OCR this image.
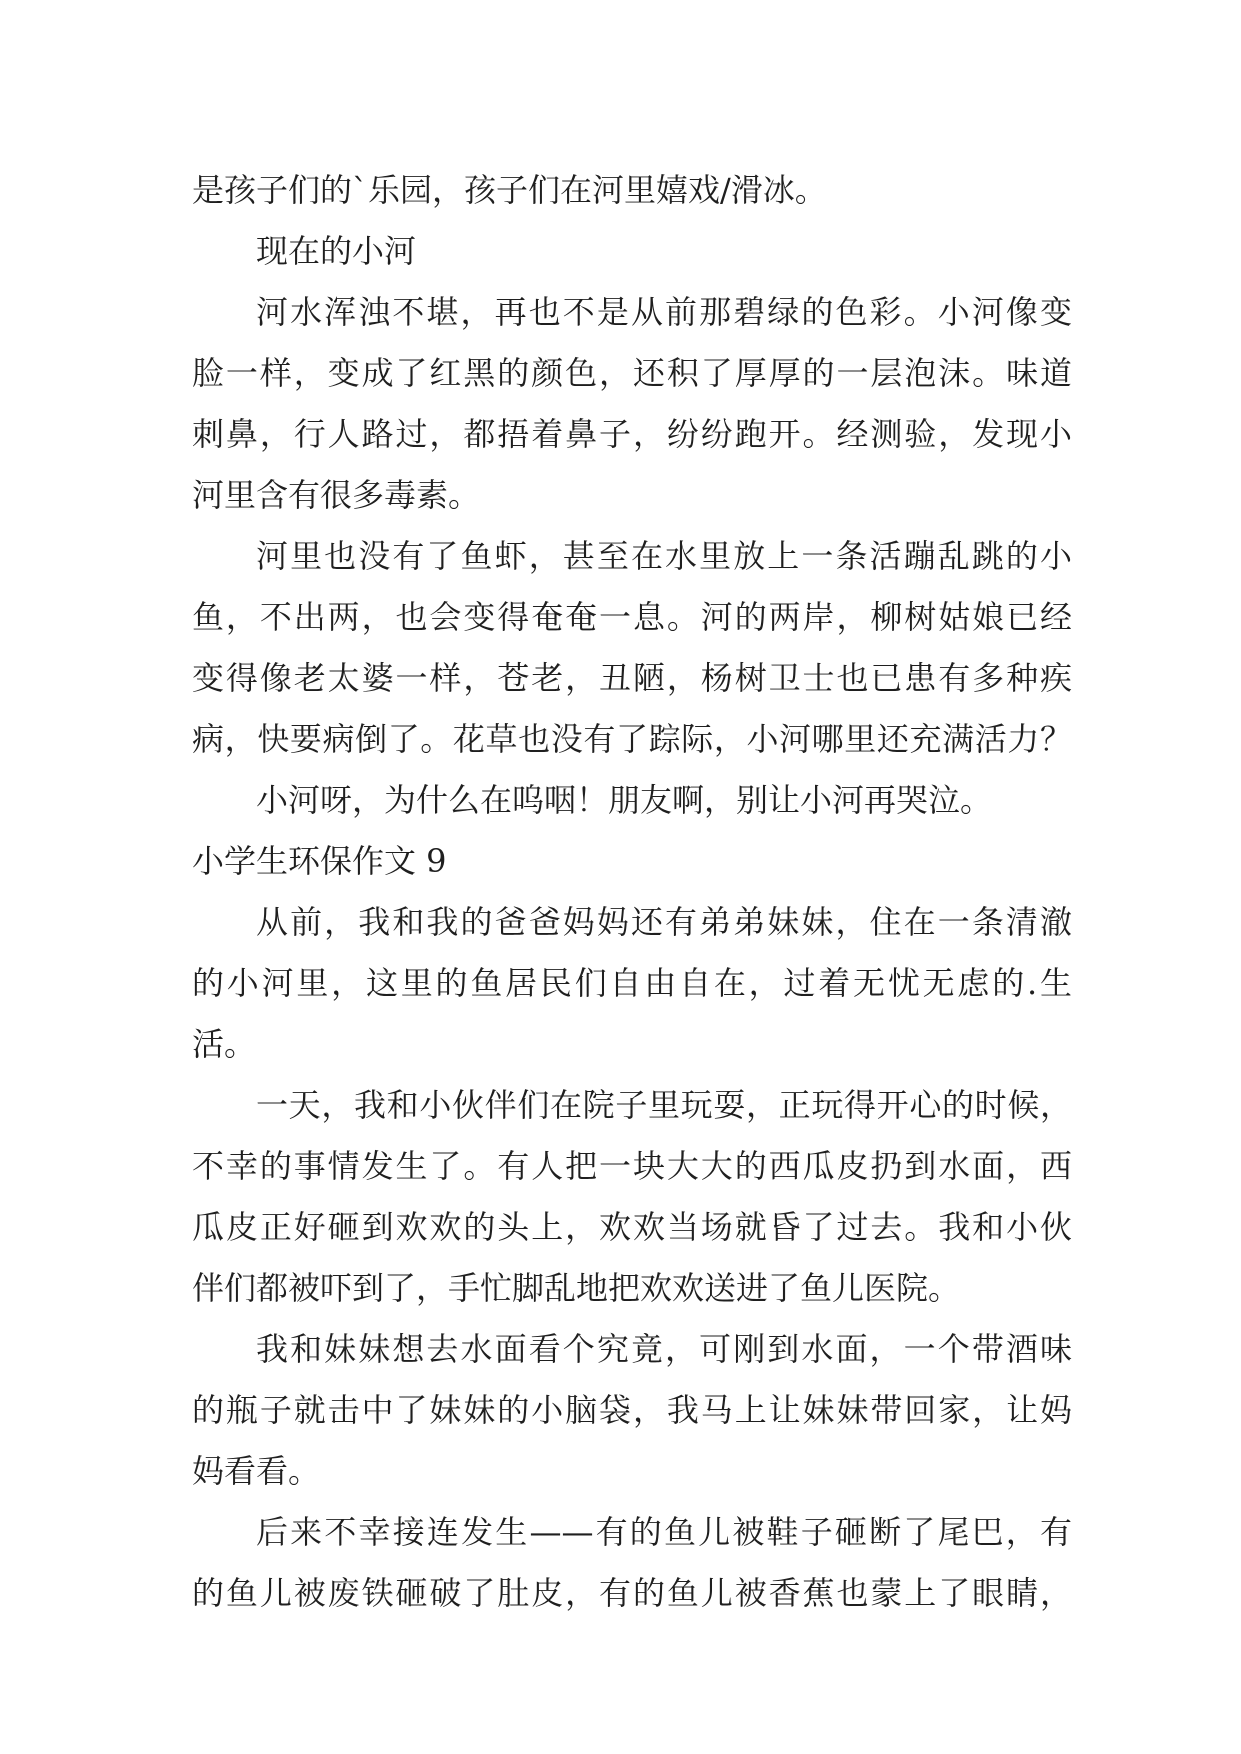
是孩子们的`乐园，孩子们在河里嬉戏/滑冰。

现在的小河

河水浑浊不堪，再也不是从前那碧绿的色彩。小河像变

脸一样，变成了红黑的颜色，还积了厚厚的一层泡沫。味道

刺鼻，行人路过，都捂着鼻子，纷纷跑开。经测验，发现小

河里含有很多毒素。

河里也没有了鱼虾，甚至在水里放上一条活蹦乱跳的小

鱼，不出两，也会变得奄奄一息。河的两岸，柳树姑娘已经

变得像老太婆一样，苍老，丑陋，杨树卫士也已患有多种疾

病，快要病倒了。花草也没有了踪际，小河哪里还充满活力？

小河呀，为什么在呜咽！朋友啊，别让小河再哭泣。

小学生环保作文 9

从前，我和我的爸爸妈妈还有弟弟妹妹，住在一条清澈

的小河里，这里的鱼居民们自由自在，过着无忧无虑的.生

活。

一天，我和小伙伴们在院子里玩耍，正玩得开心的时候，

不幸的事情发生了。有人把一块大大的西瓜皮扔到水面，西

瓜皮正好砸到欢欢的头上，欢欢当场就昏了过去。我和小伙

伴们都被吓到了，手忙脚乱地把欢欢送进了鱼儿医院。

我和妹妹想去水面看个究竟，可刚到水面，一个带酒味

的瓶子就击中了妹妹的小脑袋，我马上让妹妹带回家，让妈

妈看看。

后来不幸接连发生——有的鱼儿被鞋子砸断了尾巴，有

的鱼儿被废铁砸破了肚皮，有的鱼儿被香蕉也蒙上了眼睛，
